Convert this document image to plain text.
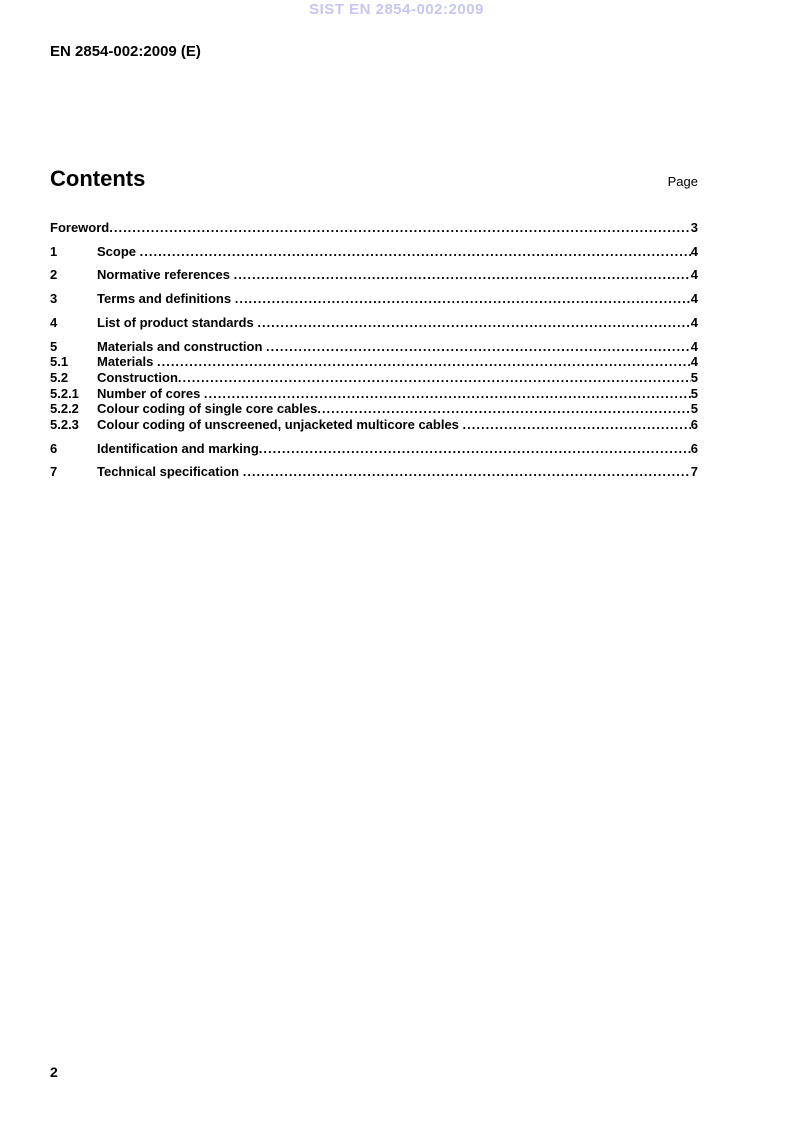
SIST EN 2854-002:2009
EN 2854-002:2009 (E)
Contents	Page
Foreword .....	3
1	Scope .....	4
2	Normative references .....	4
3	Terms and definitions .....	4
4	List of product standards .....	4
5	Materials and construction .....	4
5.1	Materials .....	4
5.2	Construction .....	5
5.2.1	Number of cores .....	5
5.2.2	Colour coding of single core cables .....	5
5.2.3	Colour coding of unscreened, unjacketed multicore cables .....	6
6	Identification and marking .....	6
7	Technical specification .....	7
2
